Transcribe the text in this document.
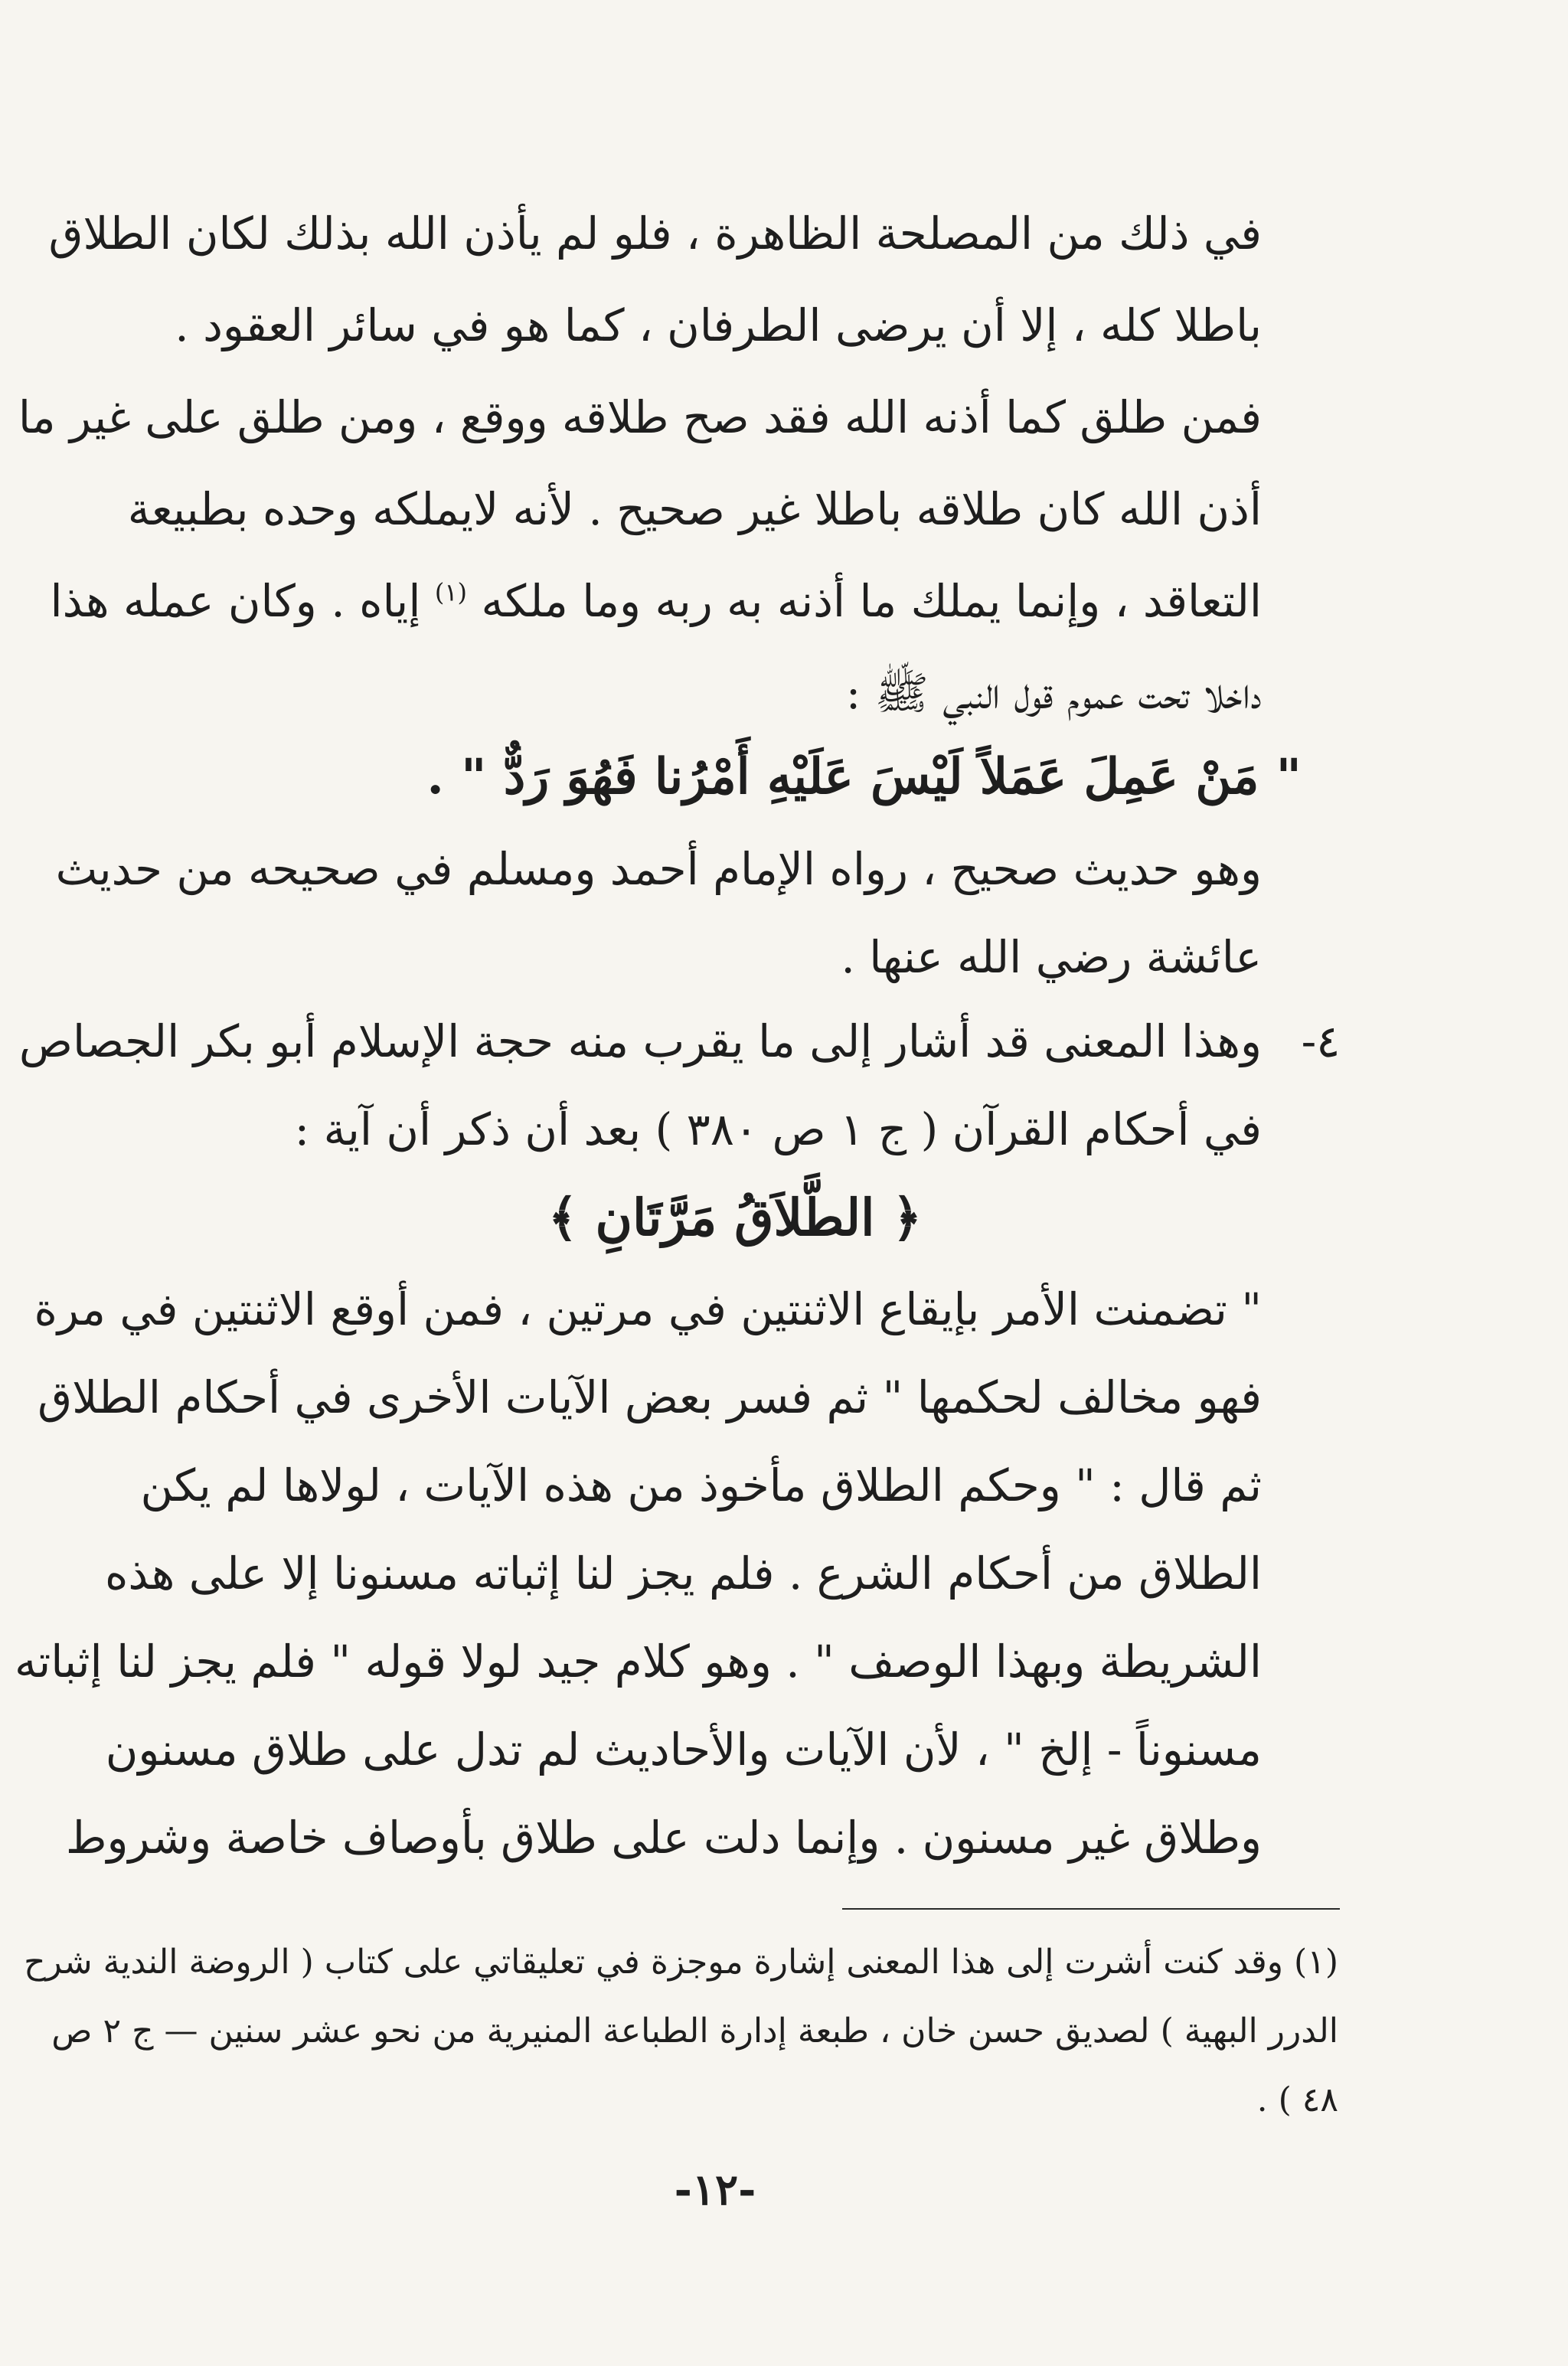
في ذلك من المصلحة الظاهرة ، فلو لم يأذن الله بذلك لكان الطلاق
باطلا كله ، إلا أن يرضى الطرفان ، كما هو في سائر العقود .
فمن طلق كما أذنه الله فقد صح طلاقه ووقع ، ومن طلق على غير ما
أذن الله كان طلاقه باطلا غير صحيح . لأنه لايملكه وحده بطبيعة
التعاقد ، وإنما يملك ما أذنه به ربه وما ملكه $^{(١)}$ إياه . وكان عمله هذا
داخلا تحت عموم قول النبي ﷺ :
" مَنْ عَمِلَ عَمَلاً لَيْسَ عَلَيْهِ أَمْرُنا فَهُوَ رَدٌّ " .
وهو حديث صحيح ، رواه الإمام أحمد ومسلم في صحيحه من حديث
عائشة رضي الله عنها .
٤-
وهذا المعنى قد أشار إلى ما يقرب منه حجة الإسلام أبو بكر الجصاص
في أحكام القرآن ( ج ١ ص ٣٨٠ ) بعد أن ذكر أن آية :
﴿ الطَّلاَقُ مَرَّتَانِ ﴾
" تضمنت الأمر بإيقاع الاثنتين في مرتين ، فمن أوقع الاثنتين في مرة
فهو مخالف لحكمها " ثم فسر بعض الآيات الأخرى في أحكام الطلاق
ثم قال : " وحكم الطلاق مأخوذ من هذه الآيات ، لولاها لم يكن
الطلاق من أحكام الشرع . فلم يجز لنا إثباته مسنونا إلا على هذه
الشريطة وبهذا الوصف " . وهو كلام جيد لولا قوله " فلم يجز لنا إثباته
مسنوناً - إلخ " ، لأن الآيات والأحاديث لم تدل على طلاق مسنون
وطلاق غير مسنون . وإنما دلت على طلاق بأوصاف خاصة وشروط
(١) وقد كنت أشرت إلى هذا المعنى إشارة موجزة في تعليقاتي على كتاب ( الروضة الندية شرح
الدرر البهية ) لصديق حسن خان ، طبعة إدارة الطباعة المنيرية من نحو عشر سنين — ج ٢ ص
٤٨ ) .
-١٢-
